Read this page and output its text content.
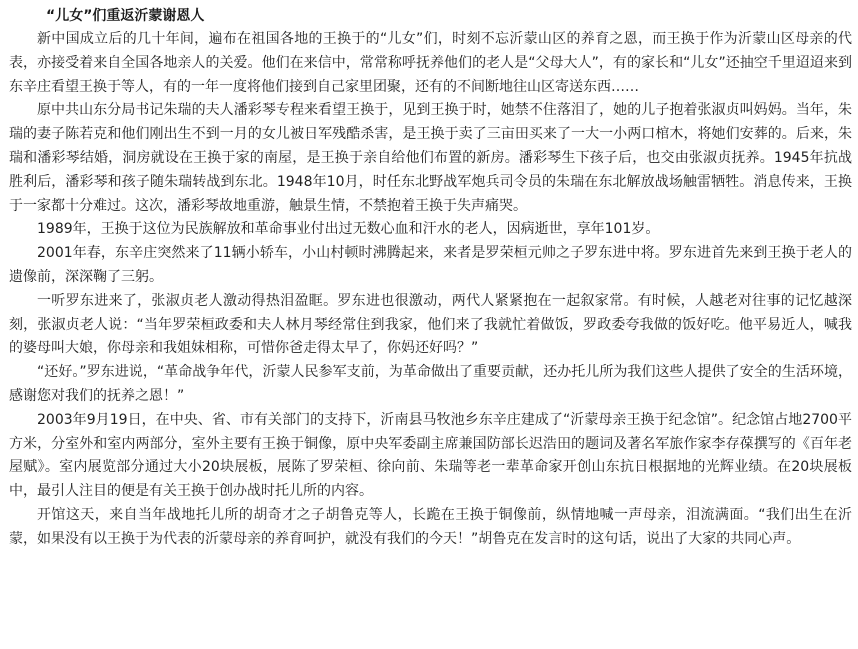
“儿女”们重返沂蒙谢恩人

新中国成立后的几十年间，遍布在祖国各地的王换于的“儿女”们，时刻不忘沂蒙山区的养育之恩，而王换于作为沂蒙山区母亲的代表，亦接受着来自全国各地亲人的关爱。他们在来信中，常常称呼抚养他们的老人是“父母大人”，有的家长和“儿女”还抽空千里迢迢来到东辛庄看望王换于等人，有的一年一度将他们接到自己家里团聚，还有的不间断地往山区寄送东西……

原中共山东分局书记朱瑞的夫人潘彩琴专程来看望王换于，见到王换于时，她禁不住落泪了，她的儿子抱着张淑贞叫妈妈。当年，朱瑞的妻子陈若克和他们刚出生不到一月的女儿被日军残酷杀害，是王换于卖了三亩田买来了一大一小两口棺木，将她们安葬的。后来，朱瑞和潘彩琴结婚，洞房就设在王换于家的南屋，是王换于亲自给他们布置的新房。潘彩琴生下孩子后，也交由张淑贞抚养。1945年抗战胜利后，潘彩琴和孩子随朱瑞转战到东北。1948年10月，时任东北野战军炮兵司令员的朱瑞在东北解放战场触雷牺牲。消息传来，王换于一家都十分难过。这次，潘彩琴故地重游，触景生情，不禁抱着王换于失声痛哭。

1989年，王换于这位为民族解放和革命事业付出过无数心血和汗水的老人，因病逝世，享年101岁。

2001年春，东辛庄突然来了11辆小轿车，小山村顿时沸腾起来，来者是罗荣桓元帅之子罗东进中将。罗东进首先来到王换于老人的遗像前，深深鞠了三躬。

一听罗东进来了，张淑贞老人激动得热泪盈眶。罗东进也很激动，两代人紧紧抱在一起叙家常。有时候，人越老对往事的记忆越深刻，张淑贞老人说：“当年罗荣桓政委和夫人林月琴经常住到我家，他们来了我就忙着做饭，罗政委夸我做的饭好吃。他平易近人，喊我的婆母叫大娘，你母亲和我姐妹相称，可惜你爸走得太早了，你妈还好吗？”

“还好。”罗东进说，“革命战争年代，沂蒙人民参军支前，为革命做出了重要贡献，还办托儿所为我们这些人提供了安全的生活环境，感谢您对我们的抚养之恩！”

2003年9月19日，在中央、省、市有关部门的支持下，沂南县马牧池乡东辛庄建成了“沂蒙母亲王换于纪念馆”。纪念馆占地2700平方米，分室外和室内两部分，室外主要有王换于铜像，原中央军委副主席兼国防部长迟浩田的题词及著名军旅作家李存葆撰写的《百年老屋赋》。室内展览部分通过大小20块展板，展陈了罗荣桓、徐向前、朱瑞等老一辈革命家开创山东抗日根据地的光辉业绩。在20块展板中，最引人注目的便是有关王换于创办战时托儿所的内容。

开馆这天，来自当年战地托儿所的胡奇才之子胡鲁克等人，长跪在王换于铜像前，纵情地喊一声母亲，泪流满面。“我们出生在沂蒙，如果没有以王换于为代表的沂蒙母亲的养育呵护，就没有我们的今天！”胡鲁克在发言时的这句话，说出了大家的共同心声。
